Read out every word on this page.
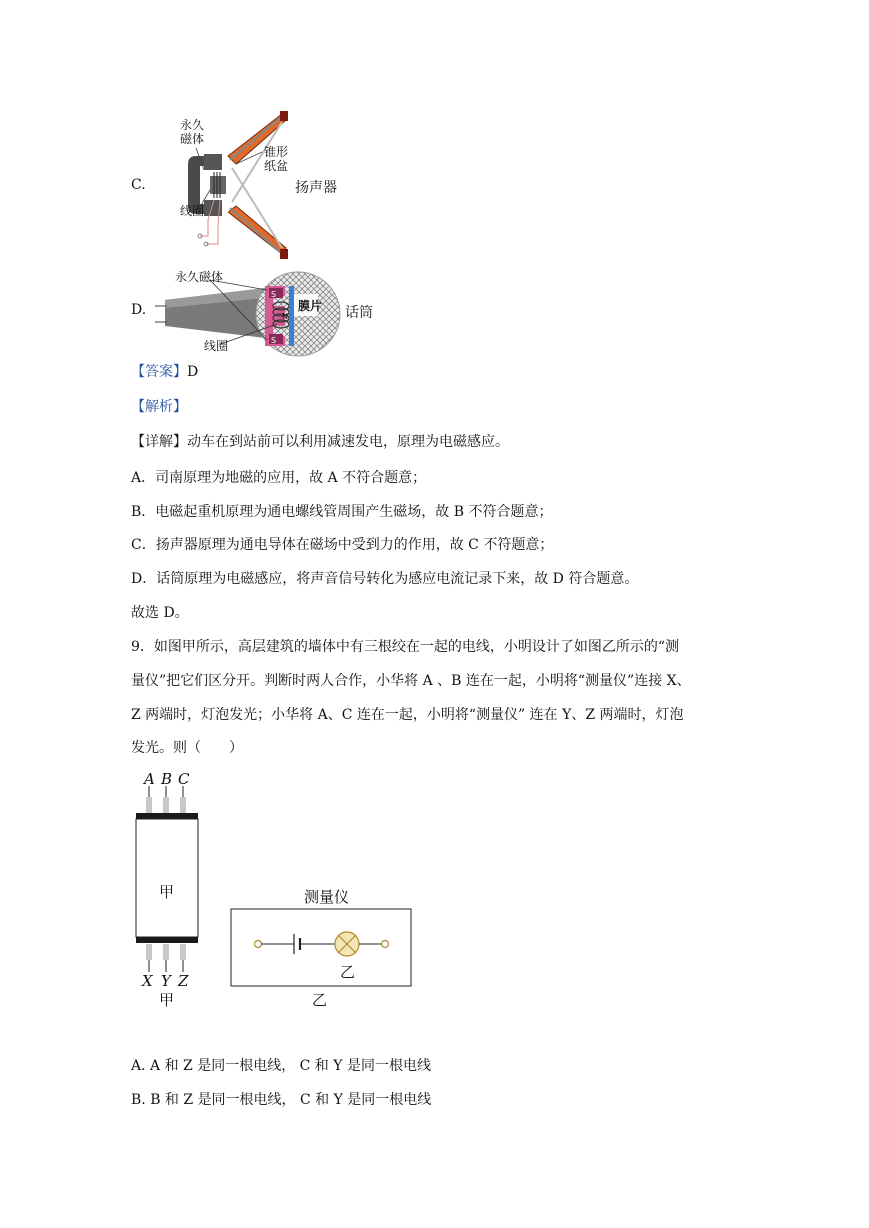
C.
永久
磁体
锥形
纸盆
线圈
S
N
S
扬声器
D.
永久磁体
膜片
线圈
S
N
S
话筒
【答案】D
【解析】
【详解】动车在到站前可以利用减速发电，原理为电磁感应。
A．司南原理为地磁的应用，故 A 不符合题意；
B．电磁起重机原理为通电螺线管周围产生磁场，故 B 不符合题意；
C．扬声器原理为通电导体在磁场中受到力的作用，故 C 不符题意；
D．话筒原理为电磁感应，将声音信号转化为感应电流记录下来，故 D 符合题意。
故选 D。
9．如图甲所示，高层建筑的墙体中有三根绞在一起的电线，小明设计了如图乙所示的“测
量仪”把它们区分开。判断时两人合作，小华将 A 、B 连在一起，小明将“测量仪”连接 X、
Z 两端时，灯泡发光；小华将 A、C 连在一起，小明将“测量仪” 连在 Y、Z 两端时，灯泡
发光。则（　　）
A B C
X Y Z
甲
甲
测量仪
乙
乙
A. A 和 Z 是同一根电线， C 和 Y 是同一根电线
B. B 和 Z 是同一根电线， C 和 Y 是同一根电线
